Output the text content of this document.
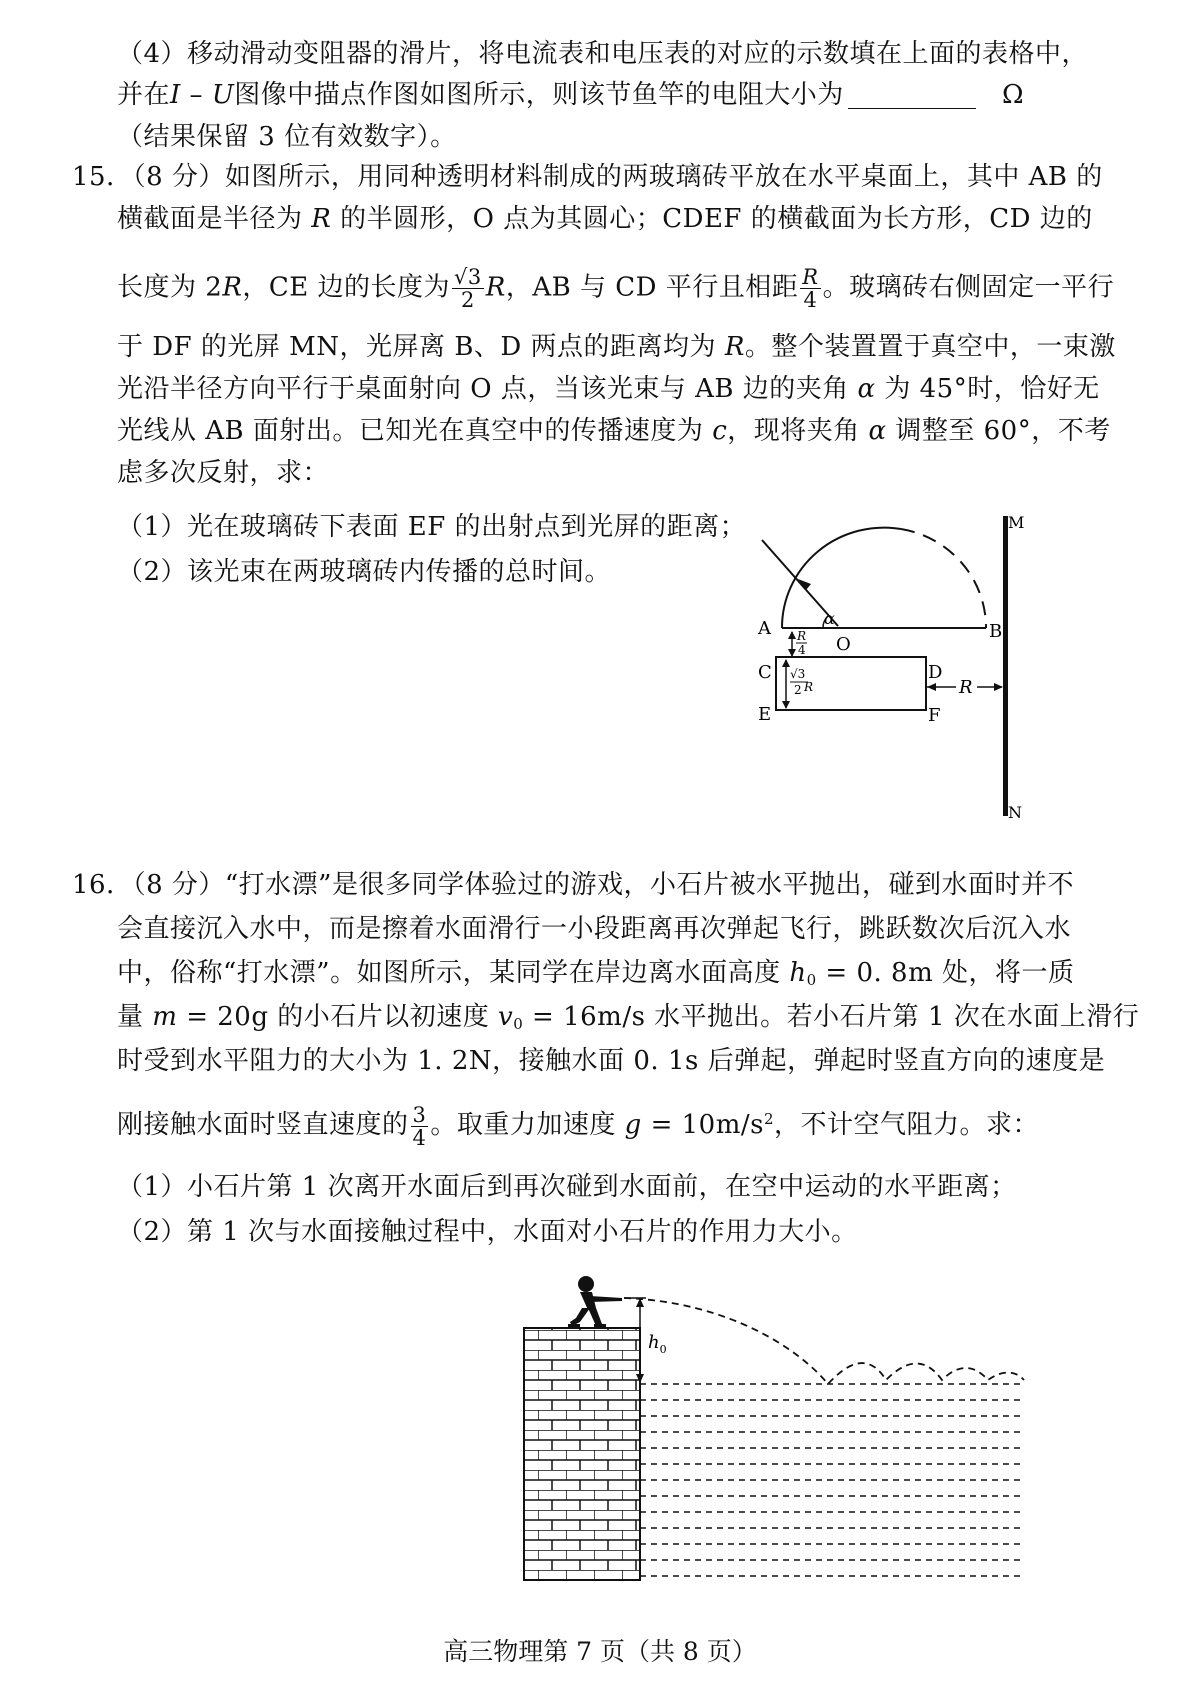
（4）移动滑动变阻器的滑片，将电流表和电压表的对应的示数填在上面的表格中，
并在I – U图像中描点作图如图所示，则该节鱼竿的电阻大小为	Ω
（结果保留 3 位有效数字）。
15．（8 分）如图所示，用同种透明材料制成的两玻璃砖平放在水平桌面上，其中 AB 的
横截面是半径为 R 的半圆形，O 点为其圆心；CDEF 的横截面为长方形，CD 边的
长度为 2R，CE 边的长度为 $\frac{√3}{2}$ R，AB 与 CD 平行且相距 $\frac{R}{4}$ 。玻璃砖右侧固定一平行
于 DF 的光屏 MN，光屏离 B、D 两点的距离均为 R。整个装置置于真空中，一束激
光沿半径方向平行于桌面射向 O 点，当该光束与 AB 边的夹角 α 为 45°时，恰好无
光线从 AB 面射出。已知光在真空中的传播速度为 c，现将夹角 α 调整至 60°，不考
虑多次反射，求：
（1）光在玻璃砖下表面 EF 的出射点到光屏的距离；
（2）该光束在两玻璃砖内传播的总时间。
A	B
O
α
C	D
E	F
M
N
R
R
4
√3
2 R
16．（8 分）“打水漂”是很多同学体验过的游戏，小石片被水平抛出，碰到水面时并不
会直接沉入水中，而是擦着水面滑行一小段距离再次弹起飞行，跳跃数次后沉入水
中，俗称“打水漂”。如图所示，某同学在岸边离水面高度 $h_0 = 0$. 8m 处，将一质
量 m = 20g 的小石片以初速度 $v_0 = 16m/s$ 水平抛出。若小石片第 1 次在水面上滑行
时受到水平阻力的大小为 1. 2N，接触水面 0. 1s 后弹起，弹起时竖直方向的速度是
刚接触水面时竖直速度的 $\frac{3}{4}$ 。取重力加速度 $g = 10m/s^2$，不计空气阻力。求：
（1）小石片第 1 次离开水面后到再次碰到水面前，在空中运动的水平距离；
（2）第 1 次与水面接触过程中，水面对小石片的作用力大小。
$h_0$
高三物理第 7 页（共 8 页）
